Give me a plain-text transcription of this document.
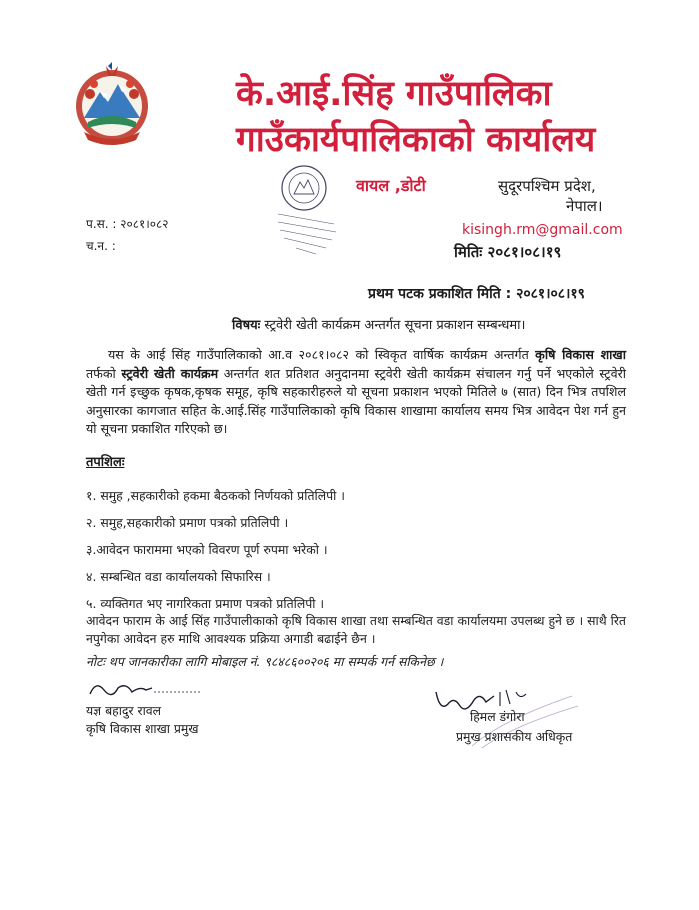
के.आई.सिंह गाउँपालिका
गाउँकार्यपालिकाको कार्यालय
वायल ,डोटी	सुदूरपश्चिम प्रदेश,
नेपाल।
kisingh.rm@gmail.com
मितिः २०८१।०८।१९
प.स. : २०८१।०८२
च.न. :
प्रथम पटक प्रकाशित मिति : २०८१।०८।१९
विषयः स्ट्रवेरी खेती कार्यक्रम अन्तर्गत सूचना प्रकाशन सम्बन्धमा।
यस के आई सिंह गाउँपालिकाको आ.व २०८१।०८२ को स्विकृत वार्षिक कार्यक्रम अन्तर्गत कृषि विकास शाखा तर्फको स्ट्रवेरी खेती कार्यक्रम अन्तर्गत शत प्रतिशत अनुदानमा स्ट्रवेरी खेती कार्यक्रम संचालन गर्नु पर्ने भएकोले स्ट्रवेरी खेती गर्न इच्छुक कृषक,कृषक समूह, कृषि सहकारीहरुले यो सूचना प्रकाशन भएको मितिले ७ (सात) दिन भित्र तपशिल अनुसारका कागजात सहित के.आई.सिंह गाउँपालिकाको कृषि विकास शाखामा कार्यालय समय भित्र आवेदन पेश गर्न हुन यो सूचना प्रकाशित गरिएको छ।
तपशिलः
१. समुह ,सहकारीको हकमा बैठकको निर्णयको प्रतिलिपी ।
२. समुह,सहकारीको प्रमाण पत्रको प्रतिलिपी ।
३.आवेदन फाराममा भएको विवरण पूर्ण रुपमा भरेको ।
४. सम्बन्धित वडा कार्यालयको सिफारिस ।
५. व्यक्तिगत भए नागरिकता प्रमाण पत्रको प्रतिलिपी ।
आवेदन फाराम के आई सिंह गाउँपालीकाको कृषि विकास शाखा तथा सम्बन्धित वडा कार्यालयमा उपलब्ध हुने छ । साथै रित नपुगेका आवेदन हरु माथि आवश्यक प्रक्रिया अगाडी बढाईने छैन ।
नोटः थप जानकारीका लागि मोबाइल नं. ९८४८६००२०६ मा सम्पर्क गर्न सकिनेछ ।
यज्ञ बहादुर रावल
कृषि विकास शाखा प्रमुख
हिमल डंगोरा
प्रमुख प्रशासकीय अधिकृत
